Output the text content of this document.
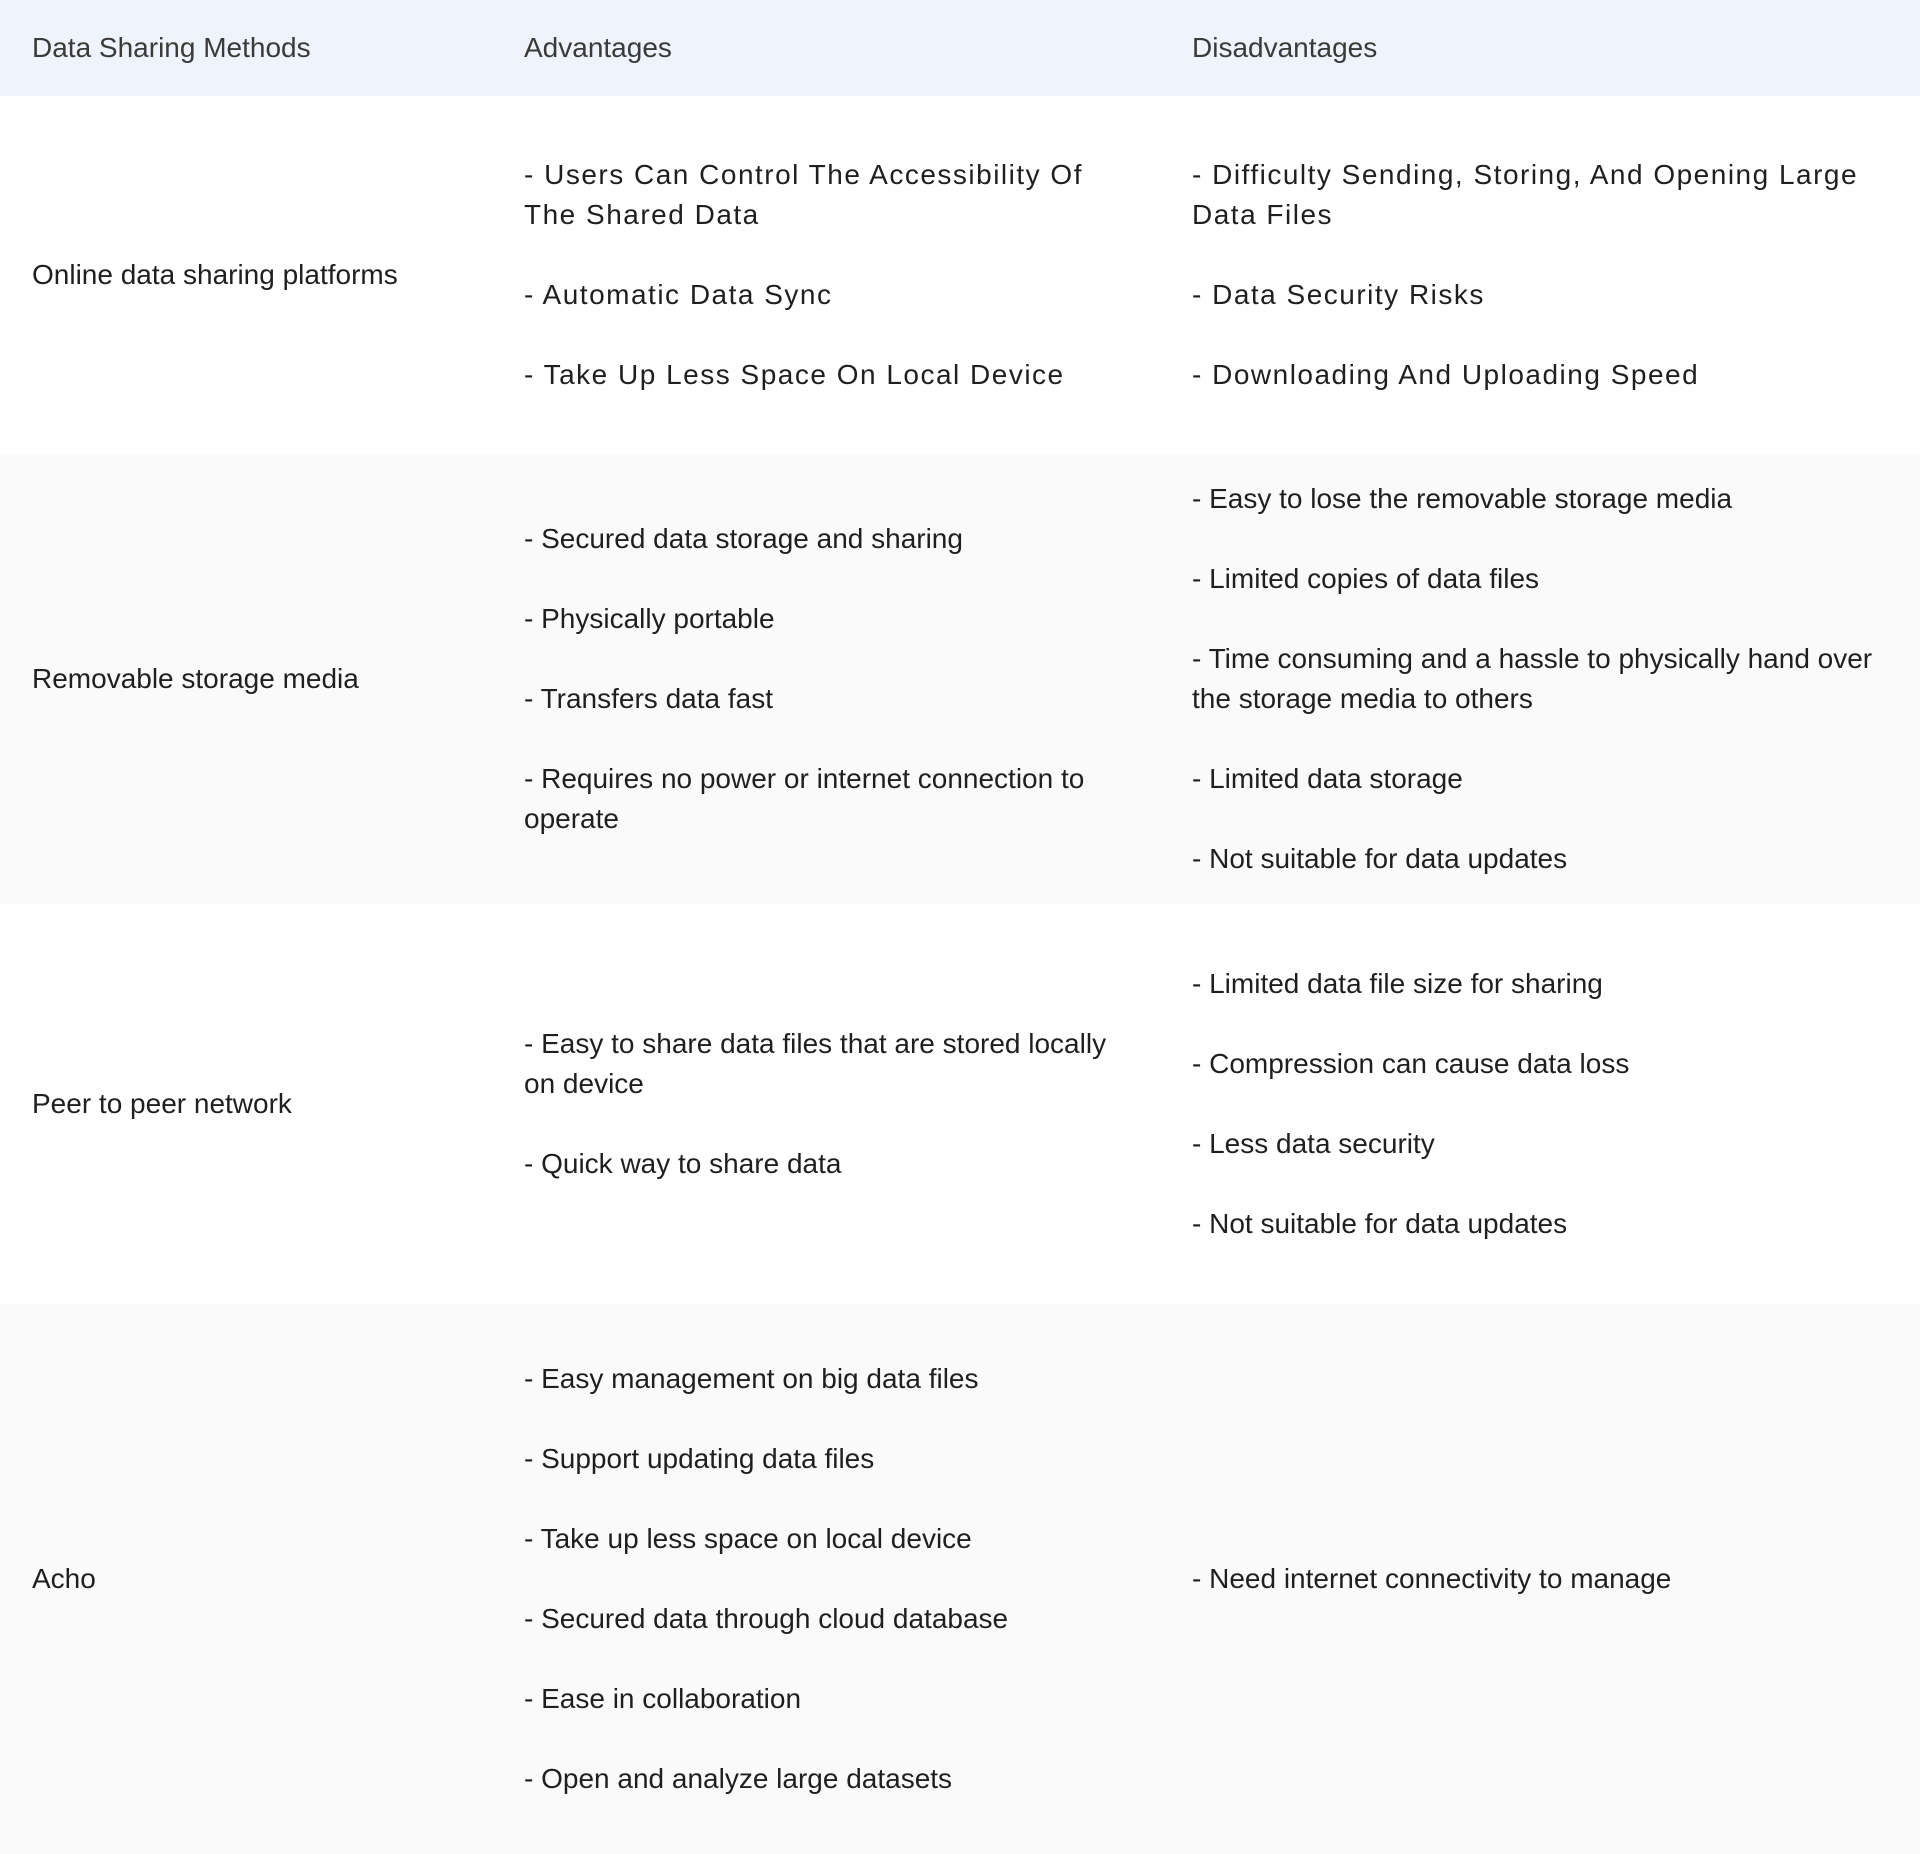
Data Sharing Methods	Advantages	Disadvantages
Online data sharing platforms
- Users Can Control The Accessibility Of The Shared Data
- Automatic Data Sync
- Take Up Less Space On Local Device
- Difficulty Sending, Storing, And Opening Large Data Files
- Data Security Risks
- Downloading And Uploading Speed
Removable storage media
- Secured data storage and sharing
- Physically portable
- Transfers data fast
- Requires no power or internet connection to operate
- Easy to lose the removable storage media
- Limited copies of data files
- Time consuming and a hassle to physically hand over the storage media to others
- Limited data storage
- Not suitable for data updates
Peer to peer network
- Easy to share data files that are stored locally on device
- Quick way to share data
- Limited data file size for sharing
- Compression can cause data loss
- Less data security
- Not suitable for data updates
Acho
- Easy management on big data files
- Support updating data files
- Take up less space on local device
- Secured data through cloud database
- Ease in collaboration
- Open and analyze large datasets
- Need internet connectivity to manage
